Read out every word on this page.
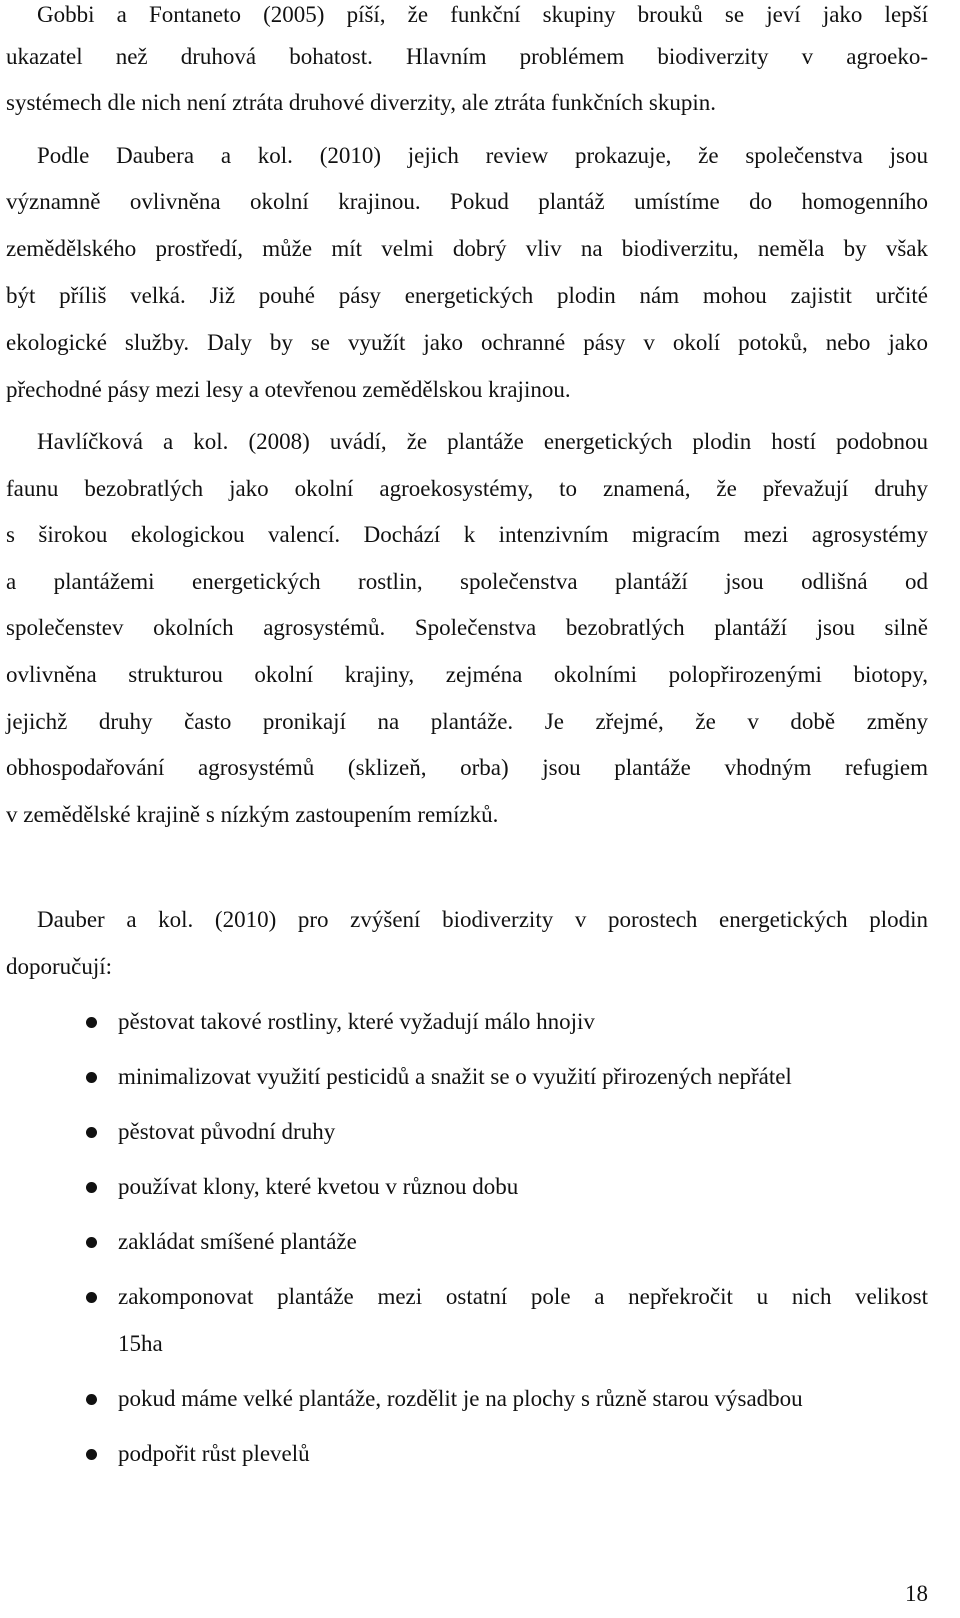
Gobbi a Fontaneto (2005) píší, že funkční skupiny brouků se jeví jako lepší
ukazatel než druhová bohatost. Hlavním problémem biodiverzity v agroeko-
systémech dle nich není ztráta druhové diverzity, ale ztráta funkčních skupin.
Podle Daubera a kol. (2010) jejich review prokazuje, že společenstva jsou
významně ovlivněna okolní krajinou. Pokud plantáž umístíme do homogenního
zemědělského prostředí, může mít velmi dobrý vliv na biodiverzitu, neměla by však
být příliš velká. Již pouhé pásy energetických plodin nám mohou zajistit určité
ekologické služby. Daly by se využít jako ochranné pásy v okolí potoků, nebo jako
přechodné pásy mezi lesy a otevřenou zemědělskou krajinou.
Havlíčková a kol. (2008) uvádí, že plantáže energetických plodin hostí podobnou
faunu bezobratlých jako okolní agroekosystémy, to znamená, že převažují druhy
s širokou ekologickou valencí. Dochází k intenzivním migracím mezi agrosystémy
a plantážemi energetických rostlin, společenstva plantáží jsou odlišná od
společenstev okolních agrosystémů. Společenstva bezobratlých plantáží jsou silně
ovlivněna strukturou okolní krajiny, zejména okolními polopřirozenými biotopy,
jejichž druhy často pronikají na plantáže. Je zřejmé, že v době změny
obhospodařování agrosystémů (sklizeň, orba) jsou plantáže vhodným refugiem
v zemědělské krajině s nízkým zastoupením remízků.
Dauber a kol. (2010) pro zvýšení biodiverzity v porostech energetických plodin
doporučují:
pěstovat takové rostliny, které vyžadují málo hnojiv
minimalizovat využití pesticidů a snažit se o využití přirozených nepřátel
pěstovat původní druhy
používat klony, které kvetou v různou dobu
zakládat smíšené plantáže
zakomponovat plantáže mezi ostatní pole a nepřekročit u nich velikost
15ha
pokud máme velké plantáže, rozdělit je na plochy s různě starou výsadbou
podpořit růst plevelů
18
